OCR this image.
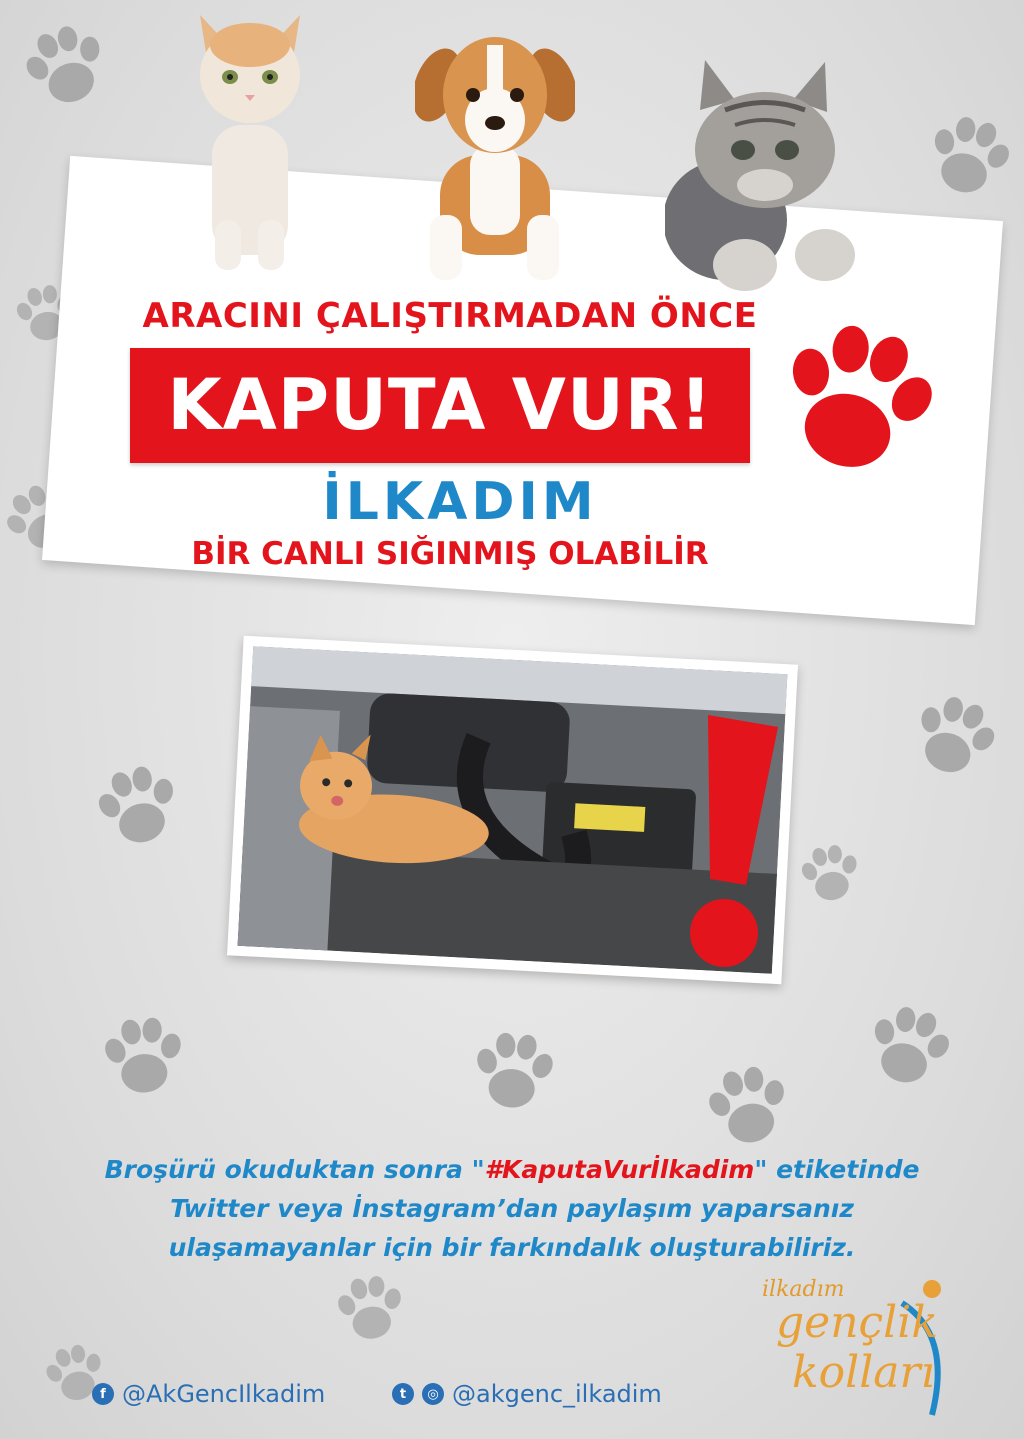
ARACINI ÇALIŞTIRMADAN ÖNCE
KAPUTA VUR!
İLKADIM
BİR CANLI SIĞINMIŞ OLABİLİR
Broşürü okuduktan sonra "#KaputaVurİlkadim" etiketinde
Twitter veya İnstagram’dan paylaşım yaparsanız
ulaşamayanlar için bir farkındalık oluşturabiliriz.
f @AkGencIlkadim	t	◎ @akgenc_ilkadim
ilkadım
gençlik
kolları
